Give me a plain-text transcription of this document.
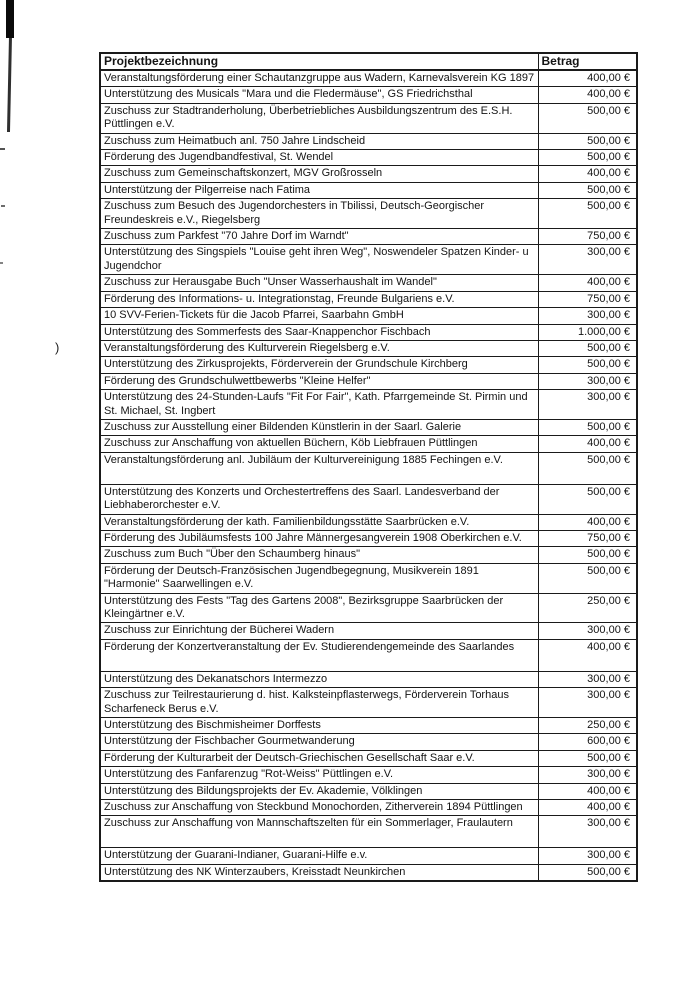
)
Projektbezeichnung	Betrag
Veranstaltungsförderung einer Schautanzgruppe aus Wadern, Karnevalsverein KG 1897	400,00 €
Unterstützung des Musicals "Mara und die Fledermäuse", GS Friedrichsthal	400,00 €
Zuschuss zur Stadtranderholung, Überbetriebliches Ausbildungszentrum des E.S.H. Püttlingen e.V.	500,00 €
Zuschuss zum Heimatbuch anl. 750 Jahre Lindscheid	500,00 €
Förderung des Jugendbandfestival, St. Wendel	500,00 €
Zuschuss zum Gemeinschaftskonzert, MGV Großrosseln	400,00 €
Unterstützung der Pilgerreise nach Fatima	500,00 €
Zuschuss zum Besuch des Jugendorchesters in Tbilissi, Deutsch-Georgischer Freundeskreis e.V., Riegelsberg	500,00 €
Zuschuss zum Parkfest "70 Jahre Dorf im Warndt"	750,00 €
Unterstützung des Singspiels "Louise geht ihren Weg", Noswendeler Spatzen Kinder- u Jugendchor	300,00 €
Zuschuss zur Herausgabe Buch "Unser Wasserhaushalt im Wandel"	400,00 €
Förderung des Informations- u. Integrationstag, Freunde Bulgariens e.V.	750,00 €
10 SVV-Ferien-Tickets für die Jacob Pfarrei, Saarbahn GmbH	300,00 €
Unterstützung des Sommerfests des Saar-Knappenchor Fischbach	1.000,00 €
Veranstaltungsförderung des Kulturverein Riegelsberg e.V.	500,00 €
Unterstützung des Zirkusprojekts, Förderverein der Grundschule Kirchberg	500,00 €
Förderung des Grundschulwettbewerbs "Kleine Helfer"	300,00 €
Unterstützung des 24-Stunden-Laufs "Fit For Fair", Kath. Pfarrgemeinde St. Pirmin und St. Michael, St. Ingbert	300,00 €
Zuschuss zur Ausstellung einer Bildenden Künstlerin in der Saarl. Galerie	500,00 €
Zuschuss zur Anschaffung von aktuellen Büchern, Köb Liebfrauen Püttlingen	400,00 €
Veranstaltungsförderung anl. Jubiläum der Kulturvereinigung 1885 Fechingen e.V.	500,00 €
Unterstützung des Konzerts und Orchestertreffens des Saarl. Landesverband der Liebhaberorchester e.V.	500,00 €
Veranstaltungsförderung der kath. Familienbildungsstätte Saarbrücken e.V.	400,00 €
Förderung des Jubiläumsfests 100 Jahre Männergesangverein 1908 Oberkirchen e.V.	750,00 €
Zuschuss zum Buch "Über den Schaumberg hinaus"	500,00 €
Förderung der Deutsch-Französischen Jugendbegegnung, Musikverein 1891 "Harmonie" Saarwellingen e.V.	500,00 €
Unterstützung des Fests "Tag des Gartens 2008", Bezirksgruppe Saarbrücken der Kleingärtner e.V.	250,00 €
Zuschuss zur Einrichtung der Bücherei Wadern	300,00 €
Förderung der Konzertveranstaltung der Ev. Studierendengemeinde des Saarlandes	400,00 €
Unterstützung des Dekanatschors Intermezzo	300,00 €
Zuschuss zur Teilrestaurierung d. hist. Kalksteinpflasterwegs, Förderverein Torhaus Scharfeneck Berus e.V.	300,00 €
Unterstützung des Bischmisheimer Dorffests	250,00 €
Unterstützung der Fischbacher Gourmetwanderung	600,00 €
Förderung der Kulturarbeit der Deutsch-Griechischen Gesellschaft Saar e.V.	500,00 €
Unterstützung des Fanfarenzug "Rot-Weiss" Püttlingen e.V.	300,00 €
Unterstützung des Bildungsprojekts der Ev. Akademie, Völklingen	400,00 €
Zuschuss zur Anschaffung von Steckbund Monochorden, Zitherverein 1894 Püttlingen	400,00 €
Zuschuss zur Anschaffung von Mannschaftszelten für ein Sommerlager, Fraulautern	300,00 €
Unterstützung der Guarani-Indianer, Guarani-Hilfe e.v.	300,00 €
Unterstützung des NK Winterzaubers, Kreisstadt Neunkirchen	500,00 €
